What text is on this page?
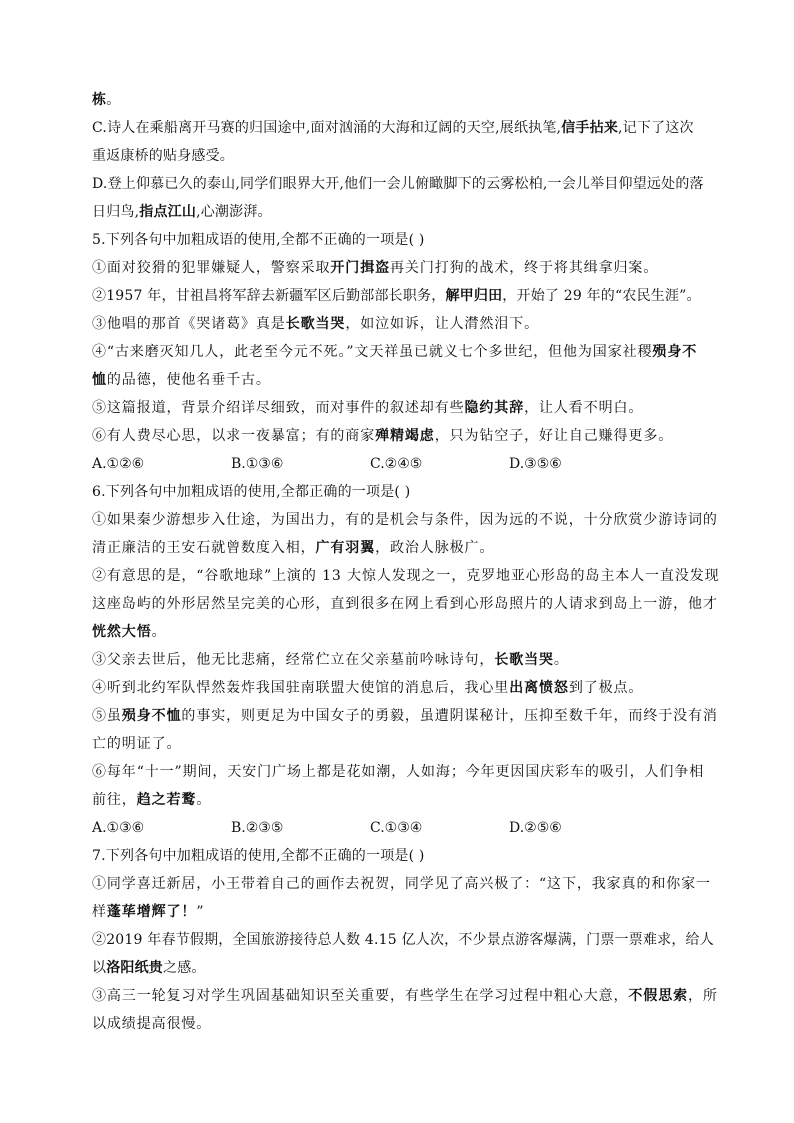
栋。
C.诗人在乘船离开马赛的归国途中,面对汹涌的大海和辽阔的天空,展纸执笔,信手拈来,记下了这次
重返康桥的贴身感受。
D.登上仰慕已久的泰山,同学们眼界大开,他们一会儿俯瞰脚下的云雾松柏,一会儿举目仰望远处的落
日归鸟,指点江山,心潮澎湃。
5.下列各句中加粗成语的使用,全都不正确的一项是( )
①面对狡猾的犯罪嫌疑人，警察采取开门揖盗再关门打狗的战术，终于将其缉拿归案。
②1957 年，甘祖昌将军辞去新疆军区后勤部部长职务，解甲归田，开始了 29 年的“农民生涯”。
③他唱的那首《哭诸葛》真是长歌当哭，如泣如诉，让人潸然泪下。
④“古来磨灭知几人，此老至今元不死。”文天祥虽已就义七个多世纪，但他为国家社稷殒身不
恤的品德，使他名垂千古。
⑤这篇报道，背景介绍详尽细致，而对事件的叙述却有些隐约其辞，让人看不明白。
⑥有人费尽心思，以求一夜暴富；有的商家殚精竭虑，只为钻空子，好让自己赚得更多。
A.①②⑥	B.①③⑥	C.②④⑤	D.③⑤⑥
6.下列各句中加粗成语的使用,全都正确的一项是( )
①如果秦少游想步入仕途，为国出力，有的是机会与条件，因为远的不说，十分欣赏少游诗词的
清正廉洁的王安石就曾数度入相，广有羽翼，政治人脉极广。
②有意思的是，“谷歌地球”上演的 13 大惊人发现之一，克罗地亚心形岛的岛主本人一直没发现
这座岛屿的外形居然呈完美的心形，直到很多在网上看到心形岛照片的人请求到岛上一游，他才
恍然大悟。
③父亲去世后，他无比悲痛，经常伫立在父亲墓前吟咏诗句，长歌当哭。
④听到北约军队悍然轰炸我国驻南联盟大使馆的消息后，我心里出离愤怒到了极点。
⑤虽殒身不恤的事实，则更足为中国女子的勇毅，虽遭阴谋秘计，压抑至数千年，而终于没有消
亡的明证了。
⑥每年“十一”期间，天安门广场上都是花如潮，人如海；今年更因国庆彩车的吸引，人们争相
前往，趋之若鹜。
A.①③⑥	B.②③⑤	C.①③④	D.②⑤⑥
7.下列各句中加粗成语的使用,全都不正确的一项是( )
①同学喜迁新居，小王带着自己的画作去祝贺，同学见了高兴极了：“这下，我家真的和你家一
样蓬荜增辉了！”
②2019 年春节假期，全国旅游接待总人数 4.15 亿人次，不少景点游客爆满，门票一票难求，给人
以洛阳纸贵之感。
③高三一轮复习对学生巩固基础知识至关重要，有些学生在学习过程中粗心大意，不假思索，所
以成绩提高很慢。
